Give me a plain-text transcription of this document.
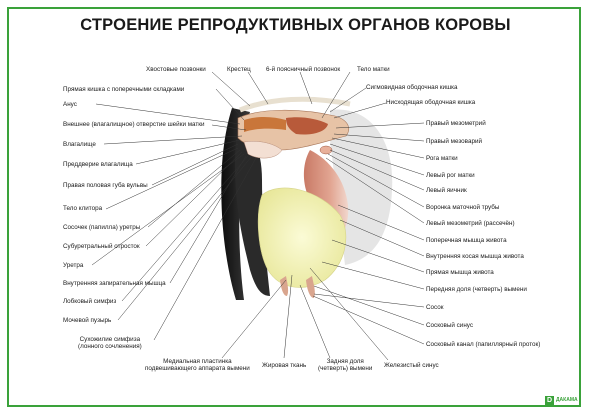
СТРОЕНИЕ РЕПРОДУКТИВНЫХ ОРГАНОВ КОРОВЫ
Хвостовые позвонки	Крестец 6-й поясничный позвонок	Тело матки
Прямая кишка с поперечными складками
Анус
Внешнее (влагалищное) отверстие шейки матки
Влагалище
Преддверие влагалища
Правая половая губа вульвы
Тело клитора
Сосочек (папилла) уретры
Субуретральный отросток
Уретра
Внутренняя запирательная мышца
Лобковый симфиз
Мочевой пузырь
Сухожилие симфиза
(лонного сочленения)
Сигмовидная ободочная кишка
Нисходящая ободочная кишка
Правый мезометрий
Правый мезоварий
Рога матки
Левый рог матки
Левый яичник
Воронка маточной трубы
Левый мезометрий (рассечён)
Поперечная мышца живота
Внутренняя косая мышца живота
Прямая мышца живота
Передняя доля (четверть) вымени
Сосок
Сосковый синус
Сосковый канал (папиллярный проток)
Медиальная пластинка
подвешивающего аппарата вымени Жировая ткань
Задняя доля
(четверть) вымени Железистый синус
D ДАКАМА
